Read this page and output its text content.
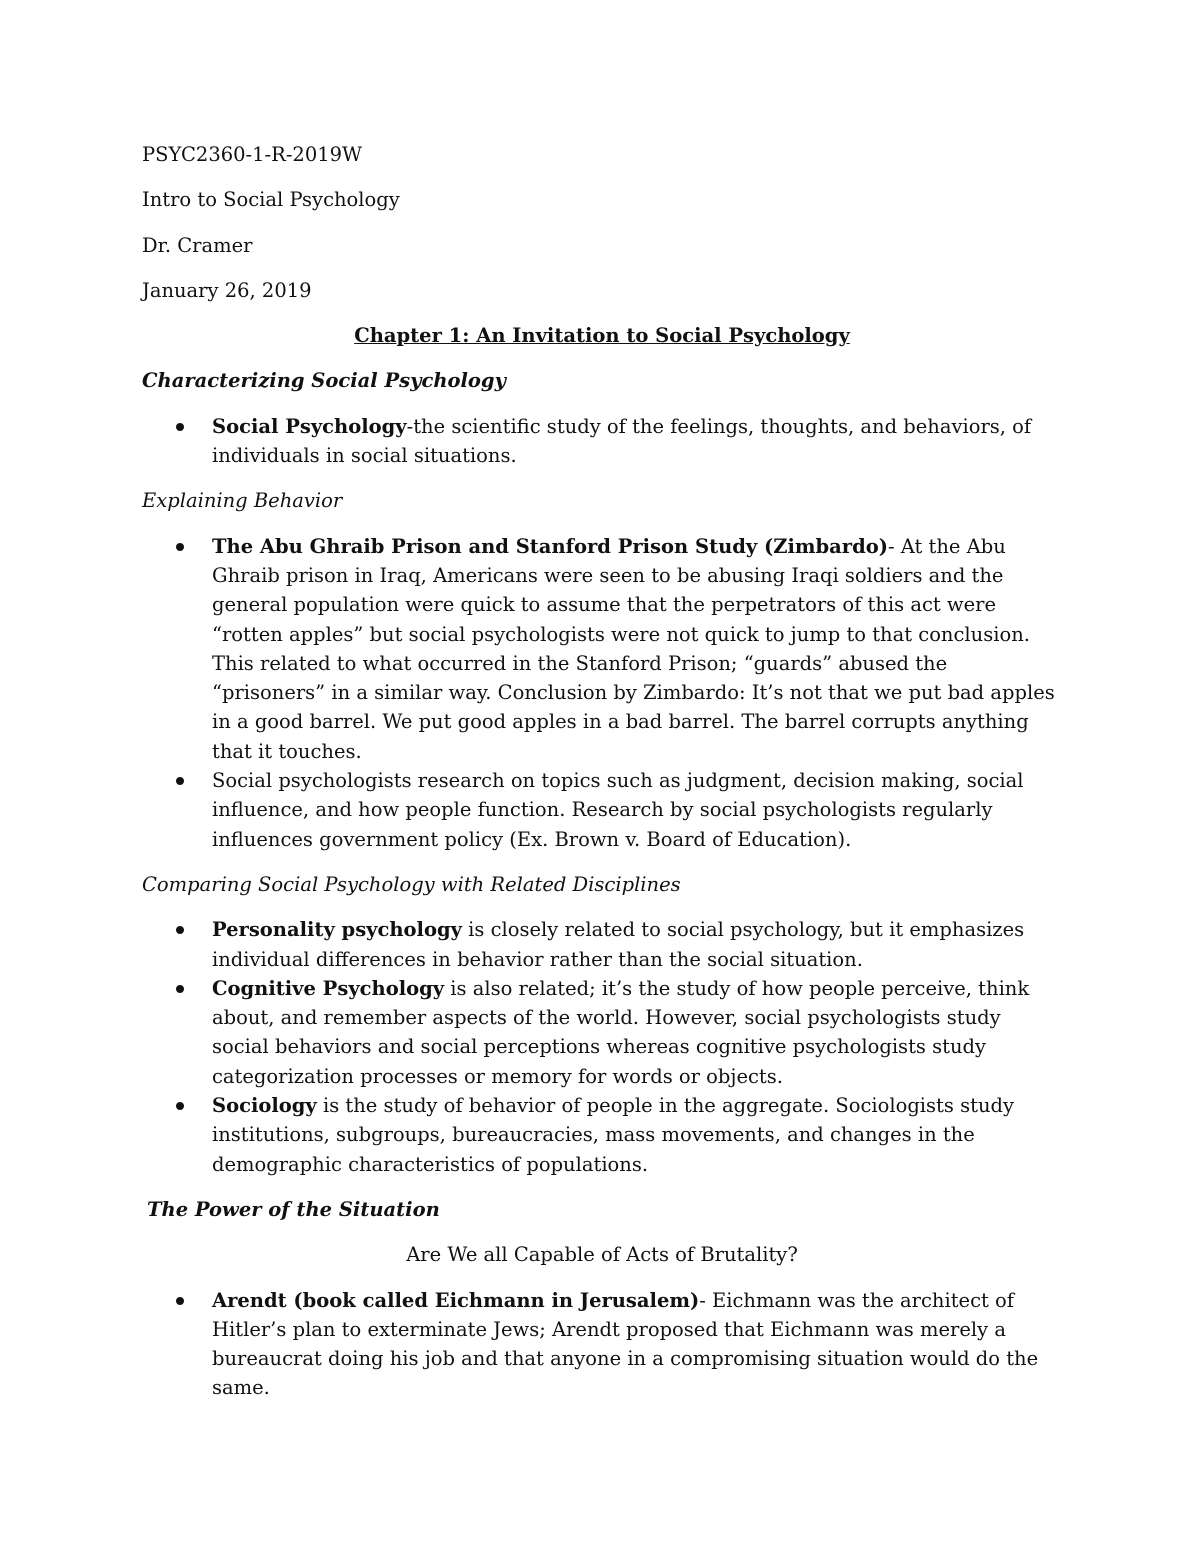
PSYC2360-1-R-2019W
Intro to Social Psychology
Dr. Cramer
January 26, 2019
Chapter 1: An Invitation to Social Psychology
Characterizing Social Psychology
Social Psychology-the scientific study of the feelings, thoughts, and behaviors, of individuals in social situations.
Explaining Behavior
The Abu Ghraib Prison and Stanford Prison Study (Zimbardo)- At the Abu Ghraib prison in Iraq, Americans were seen to be abusing Iraqi soldiers and the general population were quick to assume that the perpetrators of this act were “rotten apples” but social psychologists were not quick to jump to that conclusion. This related to what occurred in the Stanford Prison; “guards” abused the “prisoners” in a similar way. Conclusion by Zimbardo: It’s not that we put bad apples in a good barrel. We put good apples in a bad barrel. The barrel corrupts anything that it touches.
Social psychologists research on topics such as judgment, decision making, social influence, and how people function. Research by social psychologists regularly influences government policy (Ex. Brown v. Board of Education).
Comparing Social Psychology with Related Disciplines
Personality psychology is closely related to social psychology, but it emphasizes individual differences in behavior rather than the social situation.
Cognitive Psychology is also related; it’s the study of how people perceive, think about, and remember aspects of the world. However, social psychologists study social behaviors and social perceptions whereas cognitive psychologists study categorization processes or memory for words or objects.
Sociology is the study of behavior of people in the aggregate. Sociologists study institutions, subgroups, bureaucracies, mass movements, and changes in the demographic characteristics of populations.
The Power of the Situation
Are We all Capable of Acts of Brutality?
Arendt (book called Eichmann in Jerusalem)- Eichmann was the architect of Hitler’s plan to exterminate Jews; Arendt proposed that Eichmann was merely a bureaucrat doing his job and that anyone in a compromising situation would do the same.
